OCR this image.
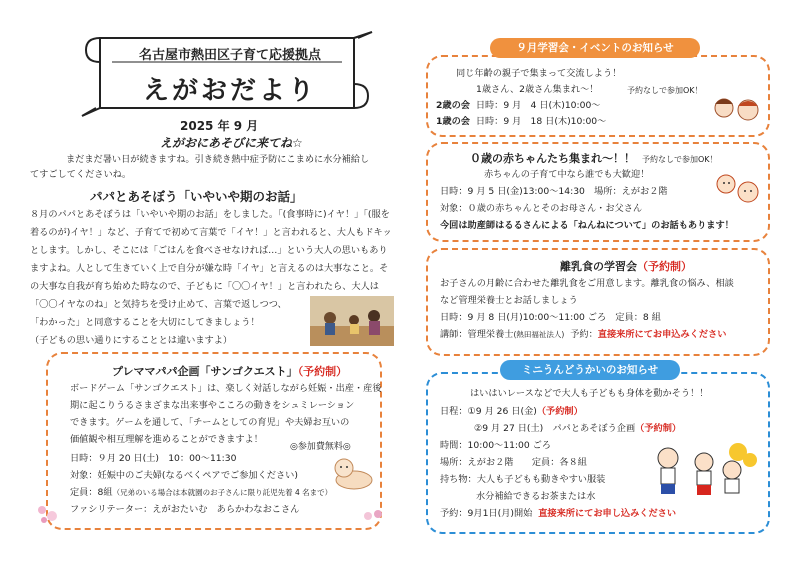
名古屋市熱田区子育て応援拠点
えがおだより
2025 年 9 月
えがおにあそびに来てね☆
まだまだ暑い日が続きますね。引き続き熱中症予防にこまめに水分補給し
てすごしてくださいね。
パパとあそぼう「いやいや期のお話」
８月のパパとあそぼうは「いやいや期のお話」をしました。「(食事時に)イヤ！」「(服を
着るのが)イヤ！」など、子育てで初めて言葉で「イヤ！」と言われると、大人もドキッ
とします。しかし、そこには「ごはんを食べさせなければ…」という大人の思いもあり
ますよね。人として生きていく上で自分が嫌な時「イヤ」と言えるのは大事なこと。そ
の大事な自我が育ち始めた時なので、子どもに「〇〇イヤ！」と言われたら、大人は
「〇〇イヤなのね」と気持ちを受け止めて、言葉で返しつつ、
「わかった」と同意することを大切にしてきましょう！
（子どもの思い通りにすることとは違いますよ）
プレママパパ企画「サンゴクエスト」（予約制）
ボードゲーム「サンゴクエスト」は、楽しく対話しながら妊娠・出産・産後
期に起こりうるさまざまな出来事やこころの動きをシュミレーション
できます。ゲームを通して、「チームとしての育児」や夫婦お互いの
価値観や相互理解を進めることができますよ！
◎参加費無料◎
日時：９月 20 日(土)　10：00～11:30
対象：妊娠中のご夫婦(なるべくペアでご参加ください)
定員：8組（兄弟のいる場合は本就園のお子さんに限り託児先着 4 名まで）
ファシリテーター：えがおたいむ　あらかわなおこさん
９月学習会・イベントのお知らせ
同じ年齢の親子で集まって交流しよう！
1歳さん、2歳さん集まれ～！	予約なしで参加OK！
2歳の会 日時：9 月　4 日(木)10:00～
1歳の会 日時：9 月　18 日(木)10:00～
０歳の赤ちゃんたち集まれ～！！ 予約なしで参加OK！
赤ちゃんの子育て中なら誰でも大歓迎！
日時：9 月 5 日(金)13:00～14:30　場所：えがお２階
対象：０歳の赤ちゃんとそのお母さん・お父さん
今回は助産師はるるさんによる「ねんねについて」のお話もあります！
離乳食の学習会（予約制）
お子さんの月齢に合わせた離乳食をご用意します。離乳食の悩み、相談
など管理栄養士とお話しましょう
日時：9 月 8 日(月)10:00～11:00 ごろ　定員：8 組
講師：管理栄養士(熱田福祉法人) 予約：直接来所にてお申込みください
ミニうんどうかいのお知らせ
はいはいレースなどで大人も子どもも身体を動かそう！！
日程：①9 月 26 日(金)（予約制）
②9 月 27 日(土)　パパとあそぼう企画（予約制）
時間：10:00～11:00 ごろ
場所：えがお２階　　定員：各８組
持ち物：大人も子どもも動きやすい服装
水分補給できるお茶または水
予約：9月1日(月)開始 直接来所にてお申し込みください
